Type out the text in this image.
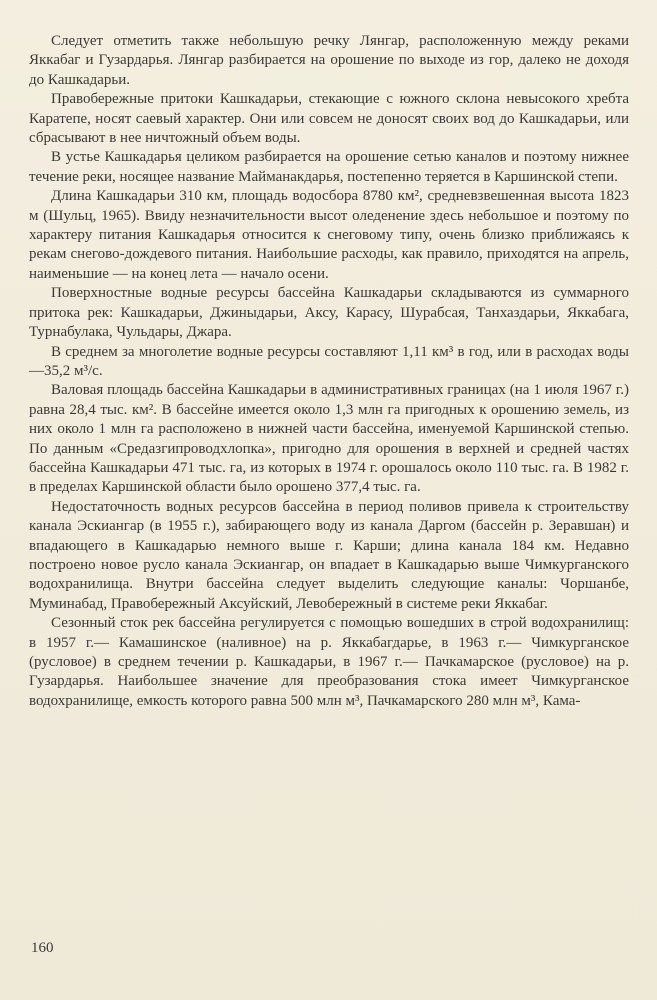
Следует отметить также небольшую речку Лянгар, расположенную между реками Яккабаг и Гузардарья. Лянгар разбирается на орошение по выходе из гор, далеко не доходя до Кашкадарьи.

Правобережные притоки Кашкадарьи, стекающие с южного склона невысокого хребта Каратепе, носят саевый характер. Они или совсем не доносят своих вод до Кашкадарьи, или сбрасывают в нее ничтожный объем воды.

В устье Кашкадарья целиком разбирается на орошение сетью каналов и поэтому нижнее течение реки, носящее название Майманакдарья, постепенно теряется в Каршинской степи.

Длина Кашкадарьи 310 км, площадь водосбора 8780 км², средневзвешенная высота 1823 м (Шульц, 1965). Ввиду незначительности высот оледенение здесь небольшое и поэтому по характеру питания Кашкадарья относится к снеговому типу, очень близко приближаясь к рекам снегово-дождевого питания. Наибольшие расходы, как правило, приходятся на апрель, наименьшие — на конец лета — начало осени.

Поверхностные водные ресурсы бассейна Кашкадарьи складываются из суммарного притока рек: Кашкадарьи, Джиныдарьи, Аксу, Карасу, Шурабсая, Танхаздарьи, Яккабага, Турнабулака, Чульдары, Джара.

В среднем за многолетие водные ресурсы составляют 1,11 км³ в год, или в расходах воды —35,2 м³/с.

Валовая площадь бассейна Кашкадарьи в административных границах (на 1 июля 1967 г.) равна 28,4 тыс. км². В бассейне имеется около 1,3 млн га пригодных к орошению земель, из них около 1 млн га расположено в нижней части бассейна, именуемой Каршинской степью. По данным «Средазгипроводхлопка», пригодно для орошения в верхней и средней частях бассейна Кашкадарьи 471 тыс. га, из которых в 1974 г. орошалось около 110 тыс. га. В 1982 г. в пределах Каршинской области было орошено 377,4 тыс. га.

Недостаточность водных ресурсов бассейна в период поливов привела к строительству канала Эскиангар (в 1955 г.), забирающего воду из канала Даргом (бассейн р. Зеравшан) и впадающего в Кашкадарью немного выше г. Карши; длина канала 184 км. Недавно построено новое русло канала Эскиангар, он впадает в Кашкадарью выше Чимкурганского водохранилища. Внутри бассейна следует выделить следующие каналы: Чоршанбе, Муминабад, Правобережный Аксуйский, Левобережный в системе реки Яккабаг.

Сезонный сток рек бассейна регулируется с помощью вошедших в строй водохранилищ: в 1957 г.— Камашинское (наливное) на р. Яккабагдарье, в 1963 г.— Чимкурганское (русловое) в среднем течении р. Кашкадарьи, в 1967 г.— Пачкамарское (русловое) на р. Гузардарья. Наибольшее значение для преобразования стока имеет Чимкурганское водохранилище, емкость которого равна 500 млн м³, Пачкамарского 280 млн м³, Кама-

160
